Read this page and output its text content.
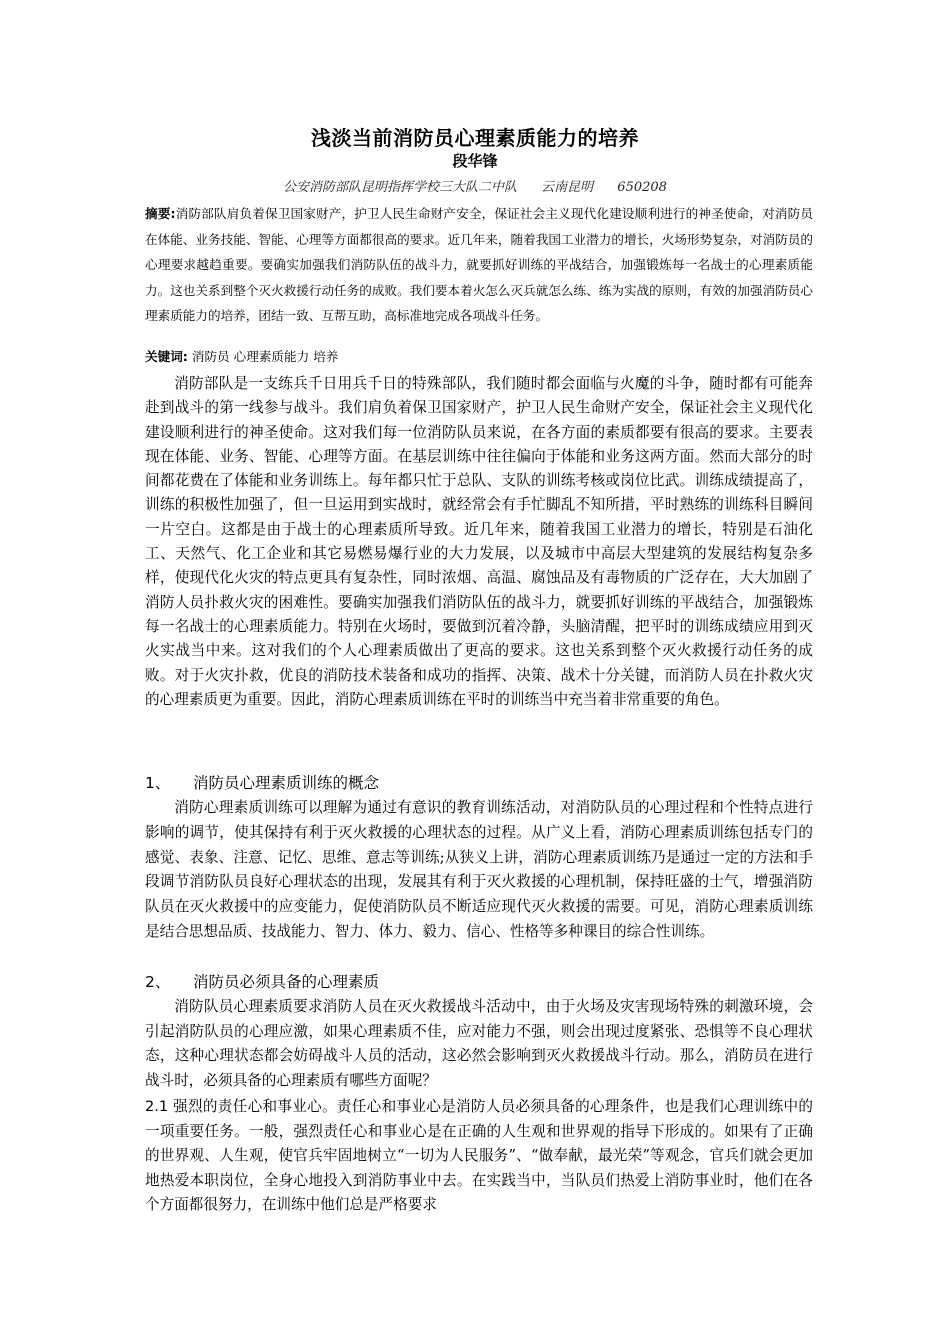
浅淡当前消防员心理素质能力的培养
段华锋
公安消防部队昆明指挥学校三大队二中队 云南昆明 650208

摘要:消防部队肩负着保卫国家财产，护卫人民生命财产安全，保证社会主义现代化建设顺利进行的神圣使命，对消防员在体能、业务技能、智能、心理等方面都很高的要求。近几年来，随着我国工业潜力的增长，火场形势复杂，对消防员的心理要求越趋重要。要确实加强我们消防队伍的战斗力，就要抓好训练的平战结合，加强锻炼每一名战士的心理素质能力。这也关系到整个灭火救援行动任务的成败。我们要本着火怎么灭兵就怎么练、练为实战的原则，有效的加强消防员心理素质能力的培养，团结一致、互帮互助，高标准地完成各项战斗任务。

关键词: 消防员 心理素质能力 培养

消防部队是一支练兵千日用兵千日的特殊部队，我们随时都会面临与火魔的斗争，随时都有可能奔赴到战斗的第一线参与战斗。我们肩负着保卫国家财产，护卫人民生命财产安全，保证社会主义现代化建设顺利进行的神圣使命。这对我们每一位消防队员来说，在各方面的素质都要有很高的要求。主要表现在体能、业务、智能、心理等方面。在基层训练中往往偏向于体能和业务这两方面。然而大部分的时间都花费在了体能和业务训练上。每年都只忙于总队、支队的训练考核或岗位比武。训练成绩提高了，训练的积极性加强了，但一旦运用到实战时，就经常会有手忙脚乱不知所措，平时熟练的训练科目瞬间一片空白。这都是由于战士的心理素质所导致。近几年来，随着我国工业潜力的增长，特别是石油化工、天然气、化工企业和其它易燃易爆行业的大力发展，以及城市中高层大型建筑的发展结构复杂多样，使现代化火灾的特点更具有复杂性，同时浓烟、高温、腐蚀品及有毒物质的广泛存在，大大加剧了消防人员扑救火灾的困难性。要确实加强我们消防队伍的战斗力，就要抓好训练的平战结合，加强锻炼每一名战士的心理素质能力。特别在火场时，要做到沉着冷静，头脑清醒，把平时的训练成绩应用到灭火实战当中来。这对我们的个人心理素质做出了更高的要求。这也关系到整个灭火救援行动任务的成败。对于火灾扑救，优良的消防技术装备和成功的指挥、决策、战术十分关键，而消防人员在扑救火灾的心理素质更为重要。因此，消防心理素质训练在平时的训练当中充当着非常重要的角色。

1、 消防员心理素质训练的概念

消防心理素质训练可以理解为通过有意识的教育训练活动，对消防队员的心理过程和个性特点进行影响的调节，使其保持有利于灭火救援的心理状态的过程。从广义上看，消防心理素质训练包括专门的感觉、表象、注意、记忆、思维、意志等训练;从狭义上讲，消防心理素质训练乃是通过一定的方法和手段调节消防队员良好心理状态的出现，发展其有利于灭火救援的心理机制，保持旺盛的士气，增强消防队员在灭火救援中的应变能力，促使消防队员不断适应现代灭火救援的需要。可见，消防心理素质训练是结合思想品质、技战能力、智力、体力、毅力、信心、性格等多种课目的综合性训练。

2、 消防员必须具备的心理素质

消防队员心理素质要求消防人员在灭火救援战斗活动中，由于火场及灾害现场特殊的刺激环境，会引起消防队员的心理应激，如果心理素质不佳，应对能力不强，则会出现过度紧张、恐惧等不良心理状态，这种心理状态都会妨碍战斗人员的活动，这必然会影响到灭火救援战斗行动。那么，消防员在进行战斗时，必须具备的心理素质有哪些方面呢？

2.1 强烈的责任心和事业心。责任心和事业心是消防人员必须具备的心理条件，也是我们心理训练中的一项重要任务。一般，强烈责任心和事业心是在正确的人生观和世界观的指导下形成的。如果有了正确的世界观、人生观，使官兵牢固地树立“一切为人民服务”、“做奉献，最光荣”等观念，官兵们就会更加地热爱本职岗位，全身心地投入到消防事业中去。在实践当中，当队员们热爱上消防事业时，他们在各个方面都很努力，在训练中他们总是严格要求
